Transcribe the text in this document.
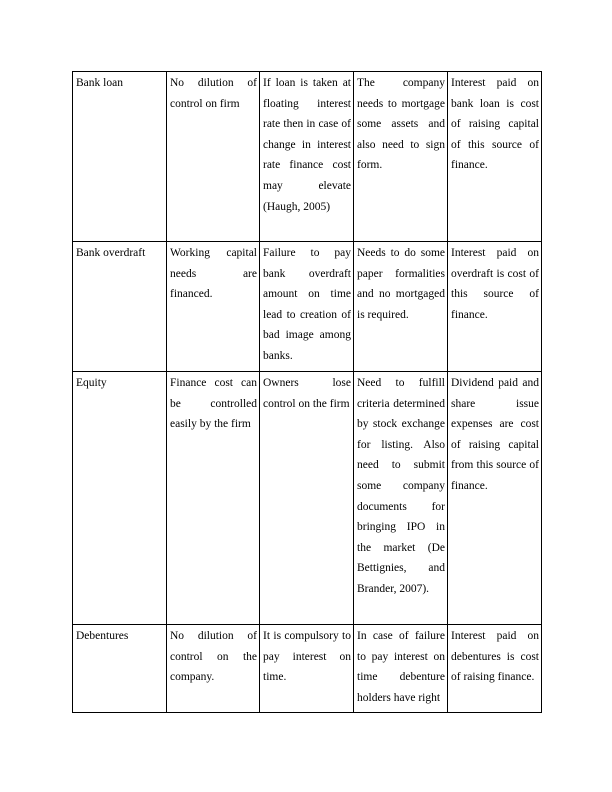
Bank loan	No dilution of control on firm	If loan is taken at floating interest rate then in case of change in interest rate finance cost may elevate (Haugh, 2005)	The company needs to mortgage some assets and also need to sign form.	Interest paid on bank loan is cost of raising capital of this source of finance.
Bank overdraft	Working capital needs are financed.	Failure to pay bank overdraft amount on time lead to creation of bad image among banks.	Needs to do some paper formalities and no mortgaged is required.	Interest paid on overdraft is cost of this source of finance.
Equity	Finance cost can be controlled easily by the firm	Owners lose control on the firm	Need to fulfill criteria determined by stock exchange for listing. Also need to submit some company documents for bringing IPO in the market (De Bettignies, and Brander, 2007).	Dividend paid and share issue expenses are cost of raising capital from this source of finance.
Debentures	No dilution of control on the company.	It is compulsory to pay interest on time.	In case of failure to pay interest on time debenture holders have right	Interest paid on debentures is cost of raising finance.
